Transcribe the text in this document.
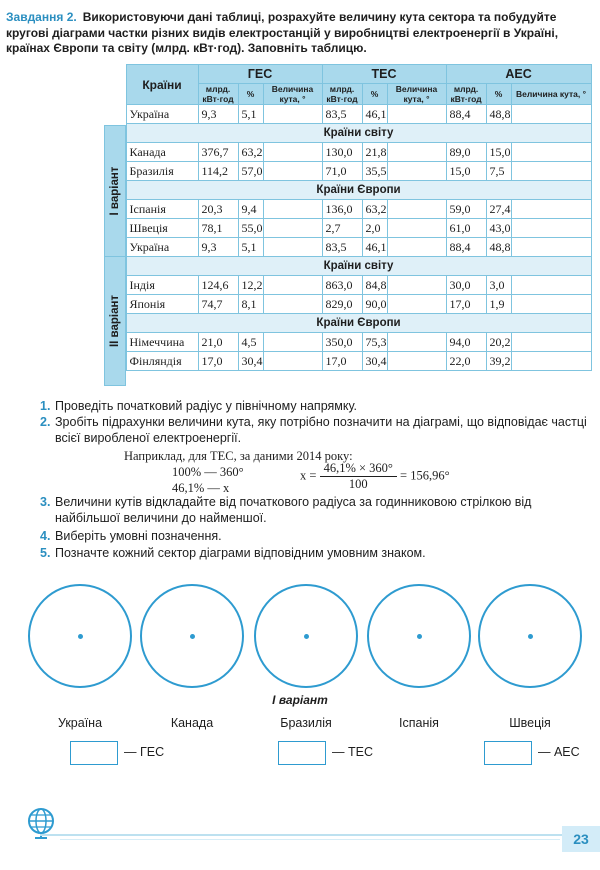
Завдання 2. Використовуючи дані таблиці, розрахуйте величину кута сектора та побудуйте кругові діаграми частки різних видів електростанцій у виробництві електроенергії в Україні, країнах Європи та світу (млрд. кВт·год). Заповніть таблицю.
	Країни	ГЕС			ТЕС			АЕС		
		млрд. кВт·год	%	Величина кута, °	млрд. кВт·год	%	Величина кута, °	млрд. кВт·год	%	Величина кута, °
	Україна	9,3	5,1		83,5	46,1		88,4	48,8	
	Країни світу									
	Канада	376,7	63,2		130,0	21,8		89,0	15,0	
	Бразилія	114,2	57,0		71,0	35,5		15,0	7,5	
	Країни Європи									
	Іспанія	20,3	9,4		136,0	63,2		59,0	27,4	
	Швеція	78,1	55,0		2,7	2,0		61,0	43,0	
	Україна	9,3	5,1		83,5	46,1		88,4	48,8	
	Країни світу									
	Індія	124,6	12,2		863,0	84,8		30,0	3,0	
	Японія	74,7	8,1		829,0	90,0		17,0	1,9	
	Країни Європи									
	Німеччина	21,0	4,5		350,0	75,3		94,0	20,2	
	Фінляндія	17,0	30,4		17,0	30,4		22,0	39,2	
I варіант
II варіант
1. Проведіть початковий радіус у північному напрямку.
2. Зробіть підрахунки величини кута, яку потрібно позначити на діаграмі, що відповідає частці всієї виробленої електроенергії.
Наприклад, для ТЕС, за даними 2014 року:
100% — 360°
46,1% — x
3. Величини кутів відкладайте від початкового радіуса за годинниковою стрілкою від найбільшої величини до найменшої.
4. Виберіть умовні позначення.
5. Позначте кожний сектор діаграми відповідним умовним знаком.
$x = \frac{46,1\% \times 360^\circ}{100} = 156,96^\circ$
I варіант
Україна	Канада	Бразилія	Іспанія	Швеція
— ГЕС	— ТЕС	— АЕС
23
